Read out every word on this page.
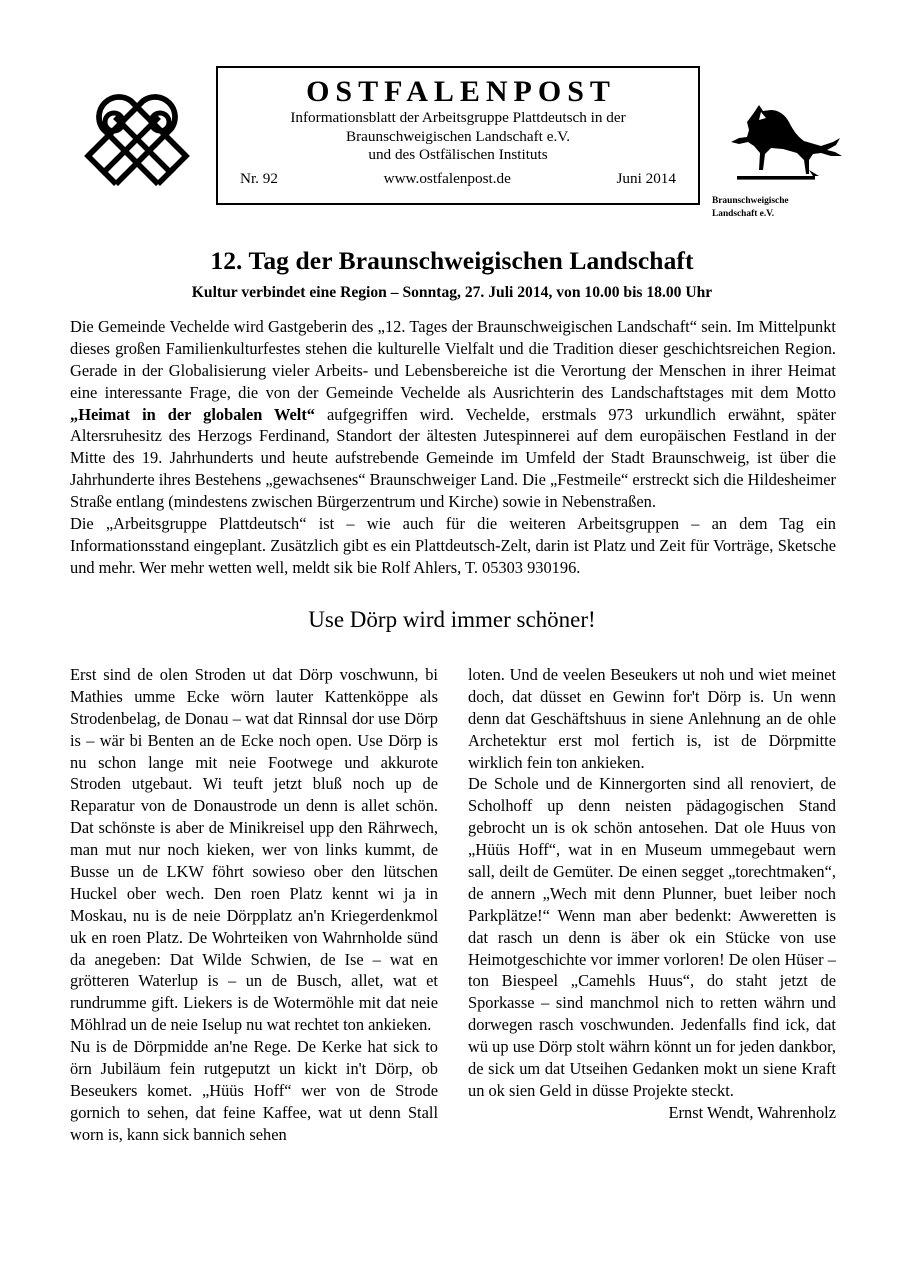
OSTFALENPOST
Informationsblatt der Arbeitsgruppe Plattdeutsch in der
Braunschweigischen Landschaft e.V.
und des Ostfälischen Instituts
Nr. 92	www.ostfalenpost.de	Juni 2014
Braunschweigische
Landschaft e.V.
12. Tag der Braunschweigischen Landschaft
Kultur verbindet eine Region – Sonntag, 27. Juli 2014, von 10.00 bis 18.00 Uhr

Die Gemeinde Vechelde wird Gastgeberin des „12. Tages der Braunschweigischen Landschaft“ sein. Im Mittelpunkt dieses großen Familienkulturfestes stehen die kulturelle Vielfalt und die Tradition dieser geschichtsreichen Region. Gerade in der Globalisierung vieler Arbeits- und Lebensbereiche ist die Verortung der Menschen in ihrer Heimat eine interessante Frage, die von der Gemeinde Vechelde als Ausrichterin des Landschaftstages mit dem Motto „Heimat in der globalen Welt“ aufgegriffen wird. Vechelde, erstmals 973 urkundlich erwähnt, später Altersruhesitz des Herzogs Ferdinand, Standort der ältesten Jutespinnerei auf dem europäischen Festland in der Mitte des 19. Jahrhunderts und heute aufstrebende Gemeinde im Umfeld der Stadt Braunschweig, ist über die Jahrhunderte ihres Bestehens „gewachsenes“ Braunschweiger Land. Die „Festmeile“ erstreckt sich die Hildesheimer Straße entlang (mindestens zwischen Bürgerzentrum und Kirche) sowie in Nebenstraßen.

Die „Arbeitsgruppe Plattdeutsch“ ist – wie auch für die weiteren Arbeitsgruppen – an dem Tag ein Informationsstand eingeplant. Zusätzlich gibt es ein Plattdeutsch-Zelt, darin ist Platz und Zeit für Vorträge, Sketsche und mehr. Wer mehr wetten well, meldt sik bie Rolf Ahlers, T. 05303 930196.

Use Dörp wird immer schöner!

Erst sind de olen Stroden ut dat Dörp voschwunn, bi Mathies umme Ecke wörn lauter Kattenköppe als Strodenbelag, de Donau – wat dat Rinnsal dor use Dörp is – wär bi Benten an de Ecke noch open. Use Dörp is nu schon lange mit neie Footwege und akkurote Stroden utgebaut. Wi teuft jetzt bluß noch up de Reparatur von de Donaustrode un denn is allet schön. Dat schönste is aber de Minikreisel upp den Rährwech, man mut nur noch kieken, wer von links kummt, de Busse un de LKW föhrt sowieso ober den lütschen Huckel ober wech. Den roen Platz kennt wi ja in Moskau, nu is de neie Dörpplatz an'n Kriegerdenkmol uk en roen Platz. De Wohrteiken von Wahrnholde sünd da anegeben: Dat Wilde Schwien, de Ise – wat en grötteren Waterlup is – un de Busch, allet, wat et rundrumme gift. Liekers is de Wotermöhle mit dat neie Möhlrad un de neie Iselup nu wat rechtet ton ankieken.

Nu is de Dörpmidde an'ne Rege. De Kerke hat sick to örn Jubiläum fein rutgeputzt un kickt in't Dörp, ob Beseukers komet. „Hüüs Hoff“ wer von de Strode gornich to sehen, dat feine Kaffee, wat ut denn Stall worn is, kann sick bannich sehen

loten. Und de veelen Beseukers ut noh und wiet meinet doch, dat düsset en Gewinn for't Dörp is. Un wenn denn dat Geschäftshuus in siene Anlehnung an de ohle Archetektur erst mol fertich is, ist de Dörpmitte wirklich fein ton ankieken.

De Schole und de Kinnergorten sind all renoviert, de Scholhoff up denn neisten pädagogischen Stand gebrocht un is ok schön antosehen. Dat ole Huus von „Hüüs Hoff“, wat in en Museum ummegebaut wern sall, deilt de Gemüter. De einen segget „torechtmaken“, de annern „Wech mit denn Plunner, buet leiber noch Parkplätze!“ Wenn man aber bedenkt: Awweretten is dat rasch un denn is äber ok ein Stücke von use Heimotgeschichte vor immer vorloren! De olen Hüser – ton Biespeel „Camehls Huus“, do staht jetzt de Sporkasse – sind manchmol nich to retten währn und dorwegen rasch voschwunden. Jedenfalls find ick, dat wü up use Dörp stolt währn könnt un for jeden dankbor, de sick um dat Utseihen Gedanken mokt un siene Kraft un ok sien Geld in düsse Projekte steckt.

Ernst Wendt, Wahrenholz
